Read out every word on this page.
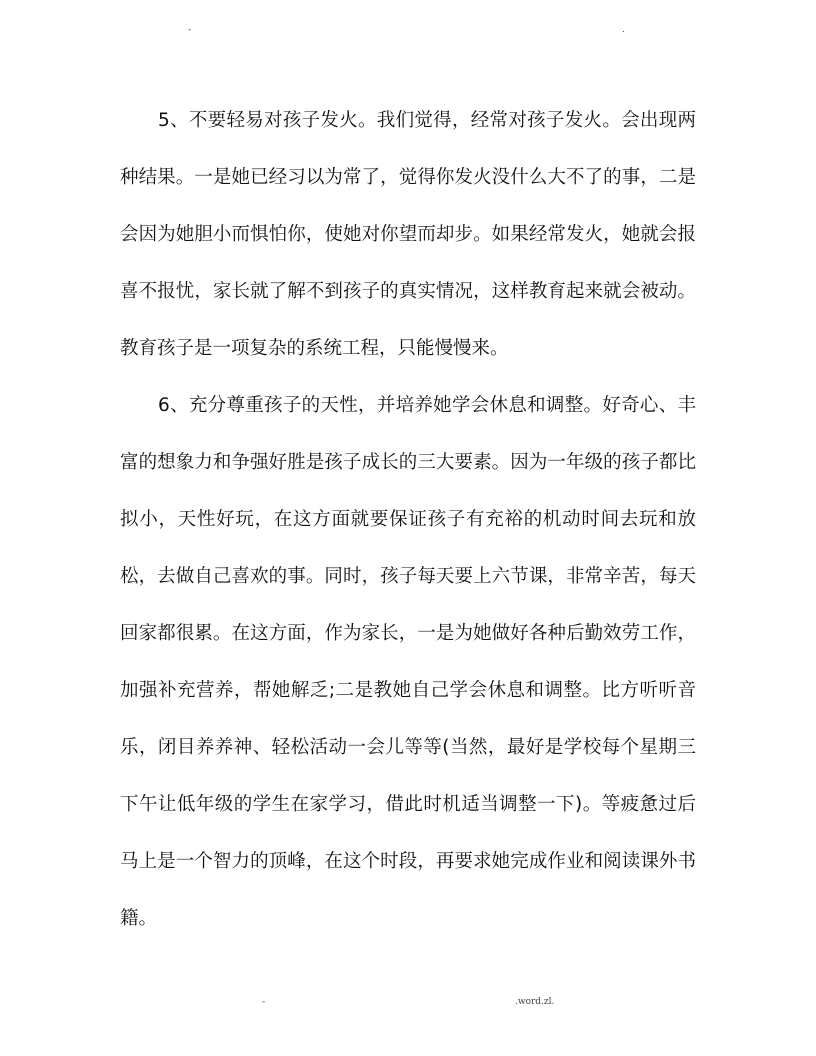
-	.

5、不要轻易对孩子发火。我们觉得，经常对孩子发火。会出现两种结果。一是她已经习以为常了，觉得你发火没什么大不了的事，二是会因为她胆小而惧怕你，使她对你望而却步。如果经常发火，她就会报喜不报忧，家长就了解不到孩子的真实情况，这样教育起来就会被动。教育孩子是一项复杂的系统工程，只能慢慢来。

6、充分尊重孩子的天性，并培养她学会休息和调整。好奇心、丰富的想象力和争强好胜是孩子成长的三大要素。因为一年级的孩子都比拟小，天性好玩，在这方面就要保证孩子有充裕的机动时间去玩和放松，去做自己喜欢的事。同时，孩子每天要上六节课，非常辛苦，每天回家都很累。在这方面，作为家长，一是为她做好各种后勤效劳工作，加强补充营养，帮她解乏;二是教她自己学会休息和调整。比方听听音乐，闭目养养神、轻松活动一会儿等等(当然，最好是学校每个星期三下午让低年级的学生在家学习，借此时机适当调整一下)。等疲惫过后马上是一个智力的顶峰，在这个时段，再要求她完成作业和阅读课外书籍。

-	.word.zl.
